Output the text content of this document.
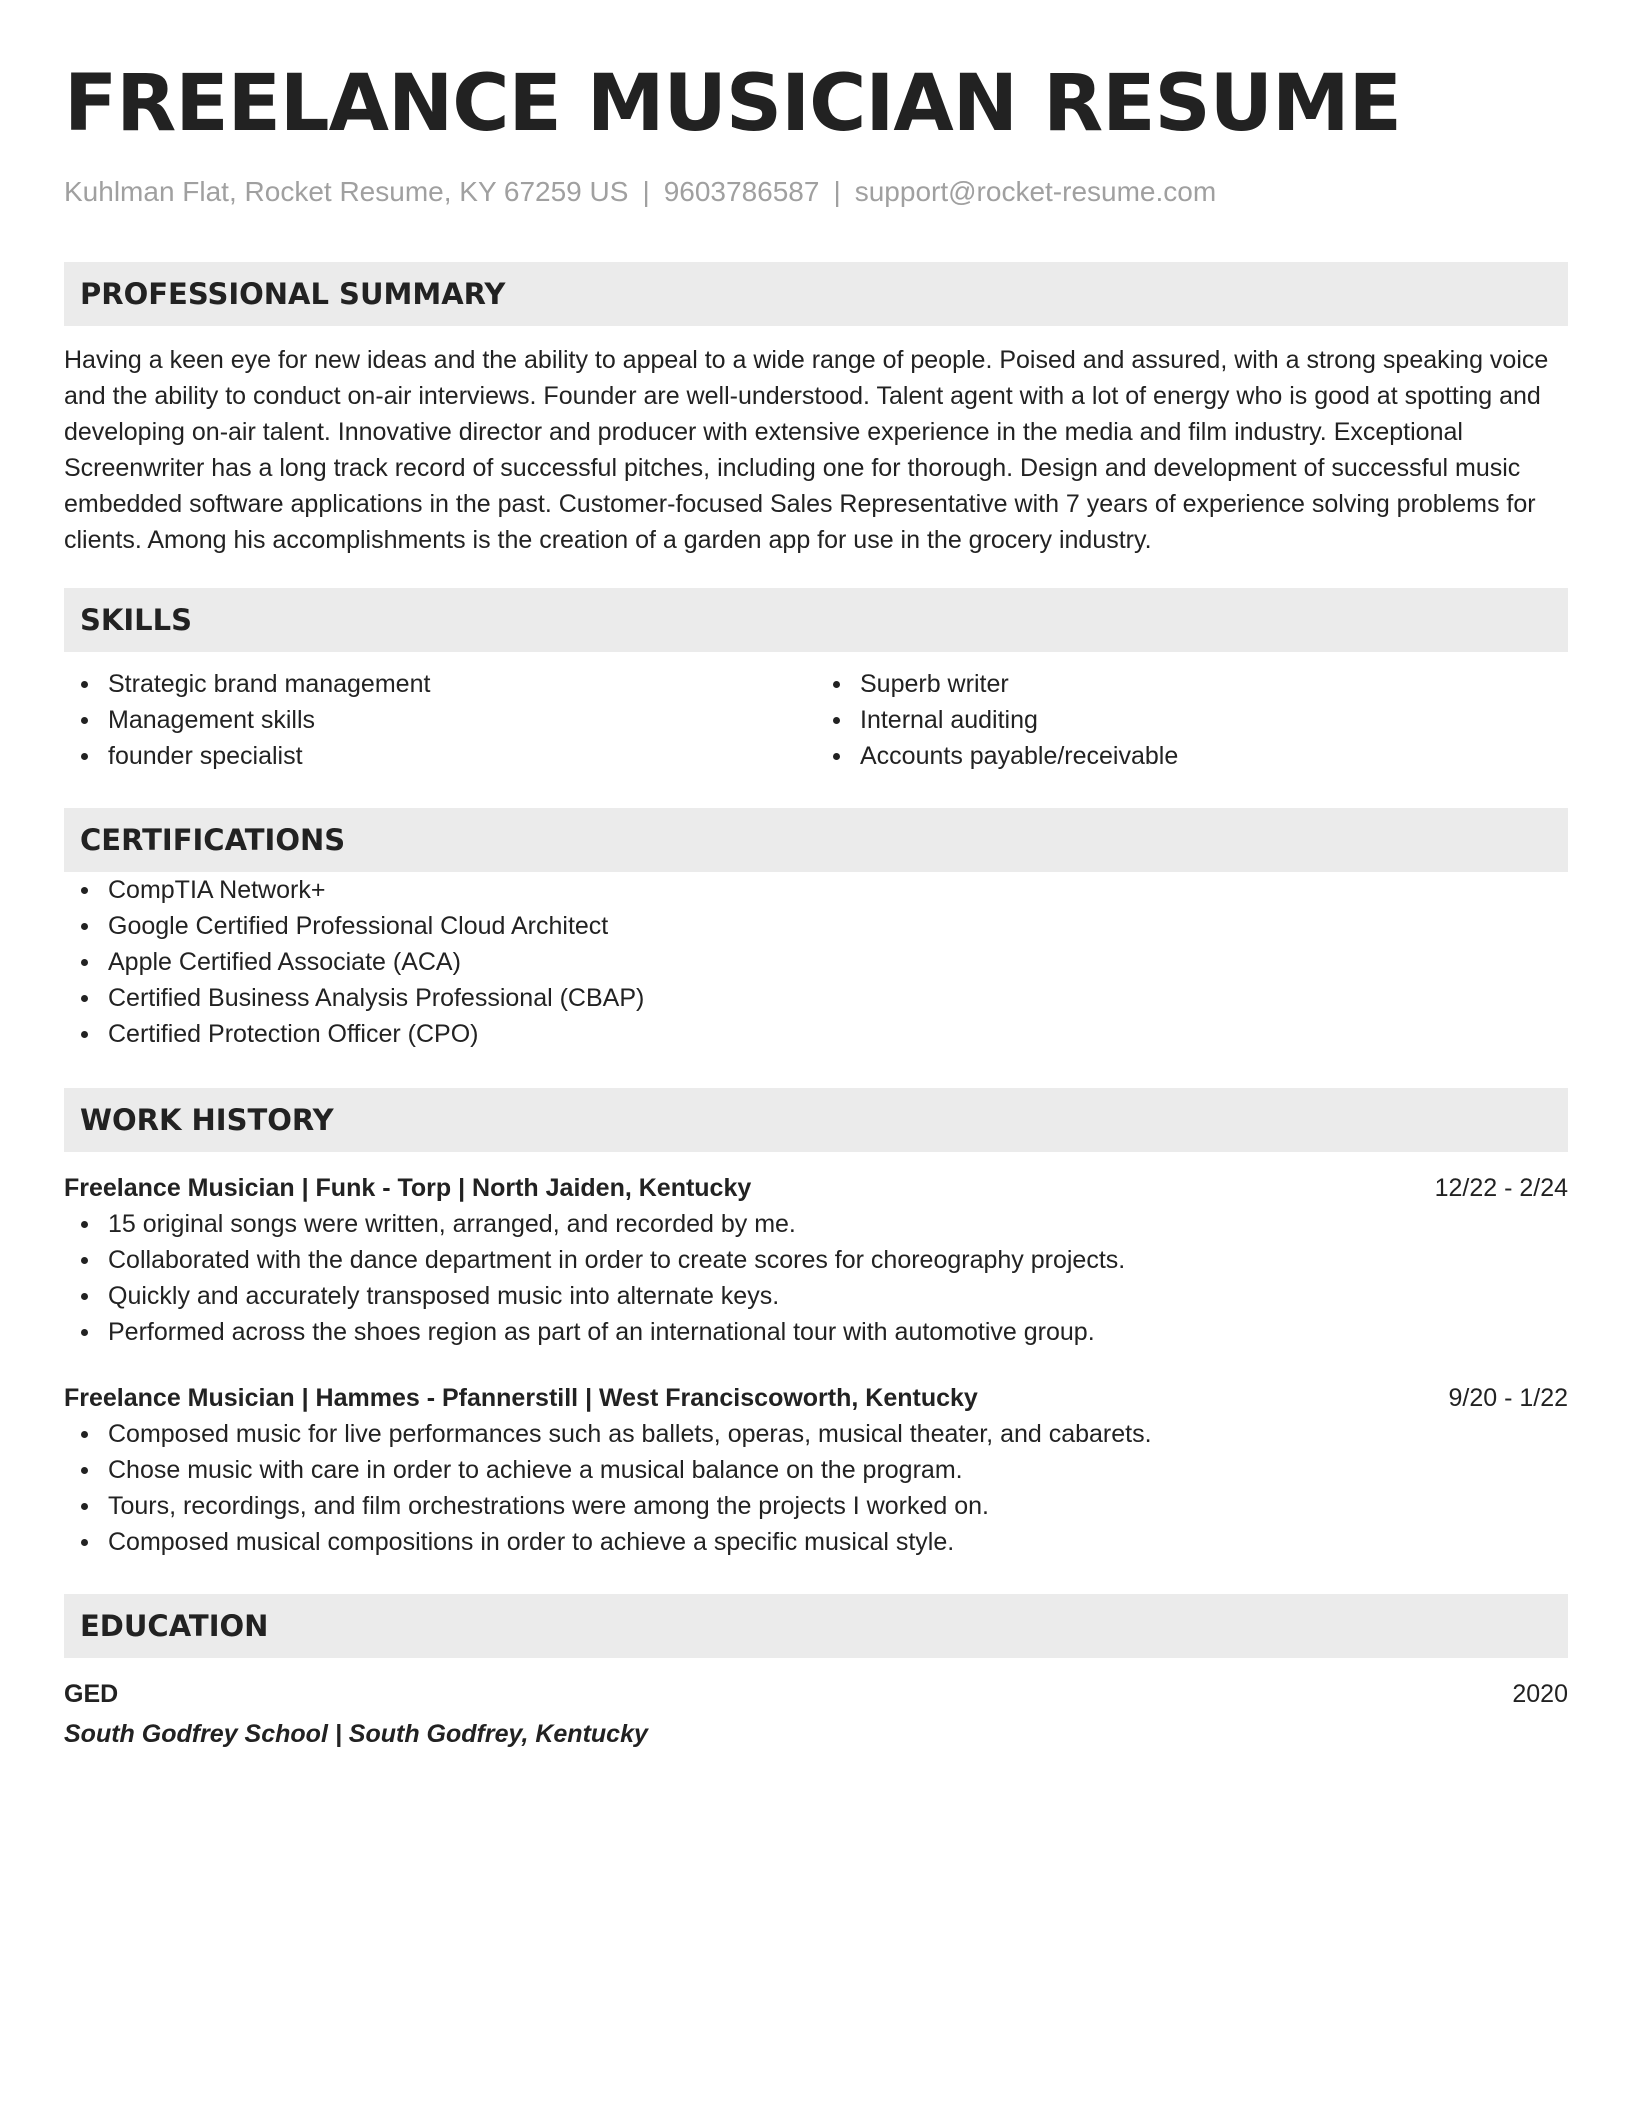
FREELANCE MUSICIAN RESUME
Kuhlman Flat, Rocket Resume, KY 67259 US | 9603786587 | support@rocket-resume.com
PROFESSIONAL SUMMARY
Having a keen eye for new ideas and the ability to appeal to a wide range of people. Poised and assured, with a strong speaking voice and the ability to conduct on-air interviews. Founder are well-understood. Talent agent with a lot of energy who is good at spotting and developing on-air talent. Innovative director and producer with extensive experience in the media and film industry. Exceptional Screenwriter has a long track record of successful pitches, including one for thorough. Design and development of successful music embedded software applications in the past. Customer-focused Sales Representative with 7 years of experience solving problems for clients. Among his accomplishments is the creation of a garden app for use in the grocery industry.
SKILLS
Strategic brand management
Management skills
founder specialist
Superb writer
Internal auditing
Accounts payable/receivable
CERTIFICATIONS
CompTIA Network+
Google Certified Professional Cloud Architect
Apple Certified Associate (ACA)
Certified Business Analysis Professional (CBAP)
Certified Protection Officer (CPO)
WORK HISTORY
Freelance Musician | Funk - Torp | North Jaiden, Kentucky	12/22 - 2/24
15 original songs were written, arranged, and recorded by me.
Collaborated with the dance department in order to create scores for choreography projects.
Quickly and accurately transposed music into alternate keys.
Performed across the shoes region as part of an international tour with automotive group.
Freelance Musician | Hammes - Pfannerstill | West Franciscoworth, Kentucky	9/20 - 1/22
Composed music for live performances such as ballets, operas, musical theater, and cabarets.
Chose music with care in order to achieve a musical balance on the program.
Tours, recordings, and film orchestrations were among the projects I worked on.
Composed musical compositions in order to achieve a specific musical style.
EDUCATION
GED	2020
South Godfrey School | South Godfrey, Kentucky
